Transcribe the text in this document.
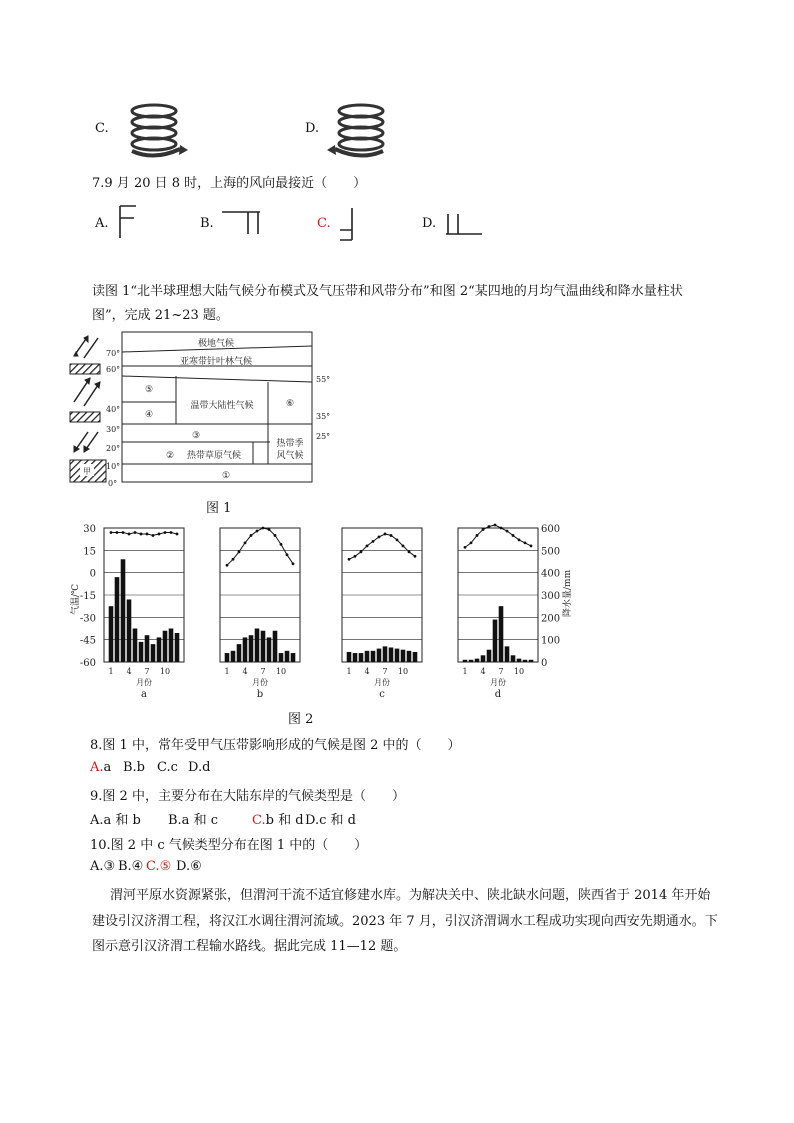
C.	D.
7.9 月 20 日 8 时，上海的风向最接近（　　）
A.	B.	C.	D.
读图 1“北半球理想大陆气候分布模式及气压带和风带分布”和图 2“某四地的月均气温曲线和降水量柱状
图”，完成 21~23 题。
70°
60°
40°
30°
20°
10°
0°
55°
35°
25°
极地气候
亚寒带针叶林气候
温带大陆性气候
热带草原气候
热带季
风气候
⑤
④
③
②
①
⑥
甲
图 1
30
15
0
-15
-30
-45
-60
气温/℃
600
500
400
300
200
100
0
降水量/mm
1 4 7 10
月份
a
1 4 7 10
月份
b
1 4 7 10
月份
c
1 4 7 10
月份
d
图 2
8.图 1 中，常年受甲气压带影响形成的气候是图 2 中的（　　）
A.a B.b C.c D.d
9.图 2 中，主要分布在大陆东岸的气候类型是（　　）
A.a 和 b B.a 和 c	C.b 和 d D.c 和 d
10.图 2 中 c 气候类型分布在图 1 中的（　　）
A.③ B.④ C.⑤ D.⑥
渭河平原水资源紧张，但渭河干流不适宜修建水库。为解决关中、陕北缺水问题，陕西省于 2014 年开始
建设引汉济渭工程，将汉江水调往渭河流域。2023 年 7 月，引汉济渭调水工程成功实现向西安先期通水。下
图示意引汉济渭工程输水路线。据此完成 11—12 题。
